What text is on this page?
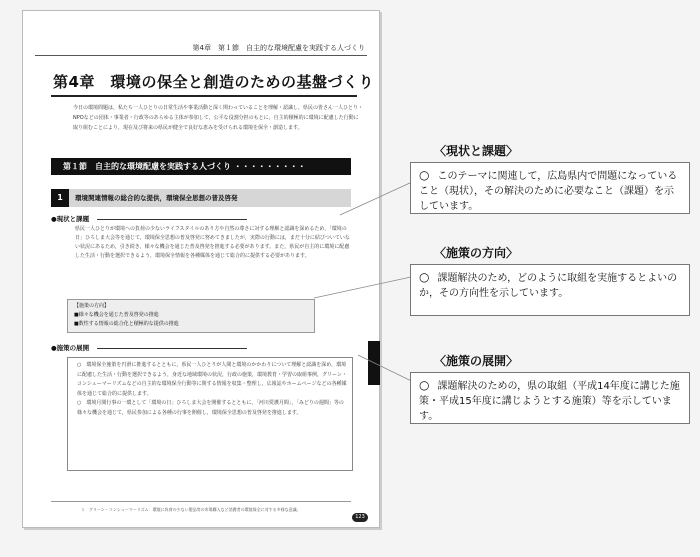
第4章　第１節　自主的な環境配慮を実践する人づくり
第4章　環境の保全と創造のための基盤づくり
今日の環境問題は，私たち一人ひとりの日常生活や事業活動と深く関わっていることを理解・認識し，県民の皆さん一人ひとり・NPOなどの団体・事業者・行政等のあらゆる主体が参加して，公平な役割分担のもとに，自主的積極的に環境に配慮した行動に取り組むことにより，現在及び将来の県民が健全で良好な恵みを受けられる環境を保全・創造します。
第１節　自主的な環境配慮を実践する人づくり ・・・・・・・・・
1 環境関連情報の総合的な提供，環境保全思想の普及啓発
●現状と課題
県民一人ひとりが環境への負荷の少ないライフスタイルのあり方や自然の尊さに対する理解と認識を深めるため，「環境の日」ひろしま大会等を通じて，環境保全思想の普及啓発に努めてきましたが，実際の行動には，まだ十分に結びついていない状況にあるため，引き続き，様々な機会を通じた普及啓発を推進する必要があります。また，県民が自主的に環境に配慮した生活・行動を選択できるよう，環境保全情報を各種媒体を通じて総合的に提供する必要があります。
【施策の方向】
■様々な機会を通じた普及啓発の推進
■数性する情報の総合化と積極的な提供の推進
●施策の展開
○　環境保全施策を円滑に推進するとともに，県民一人ひとりが人間と環境のかかわりについて理解と認識を深め，環境に配慮した生活・行動を選択できるよう，身近な地域環境の状況，行政の施策，環境教育・学習の取組事例，グリーン・コンシューマーリズムなどの自主的な環境保全行動等に関する情報を収集・整理し，広報誌やホームページなどの各種媒体を通じて総合的に提供します。
○　環境月間行事の一環として「環境の日」ひろしま大会を開催するとともに，「河川愛護月間」，「みどりの週間」等の様々な機会を通じて，県民参加による各種の行事を開催し，環境保全思想の普及啓発を推進します。
１　グリーン・コンシューマーリズム：環境に負荷の少ない製品等の市場購入など消費者の環境保全に対する多様な意識。
123
〈現状と課題〉
○ このテーマに関連して，広島県内で問題になっていること（現状），その解決のために必要なこと（課題）を示しています。
〈施策の方向〉
○ 課題解決のため，どのように取組を実施するとよいのか，その方向性を示しています。
〈施策の展開〉
○ 課題解決のための，県の取組（平成14年度に講じた施策・平成15年度に講じようとする施策）等を示しています。
